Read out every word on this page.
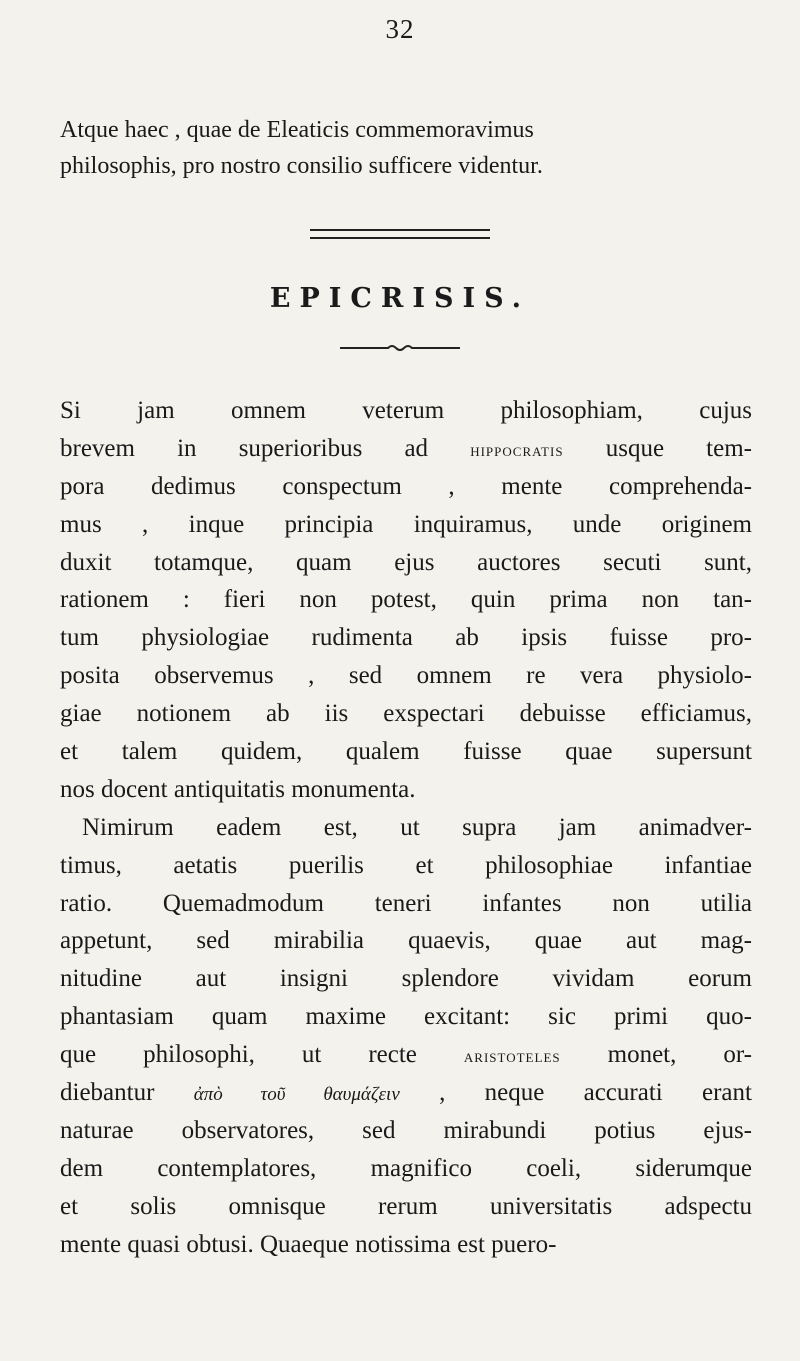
32
Atque haec , quae de Eleaticis commemoravimus
philosophis, pro nostro consilio sufficere videntur.
EPICRISIS.
Si jam omnem veterum philosophiam, cujus
brevem in superioribus ad hippocratis usque tem-
pora dedimus conspectum , mente comprehenda-
mus , inque principia inquiramus, unde originem
duxit totamque, quam ejus auctores secuti sunt,
rationem : fieri non potest, quin prima non tan-
tum physiologiae rudimenta ab ipsis fuisse pro-
posita observemus , sed omnem re vera physiolo-
giae notionem ab iis exspectari debuisse efficiamus,
et talem quidem, qualem fuisse quae supersunt
nos docent antiquitatis monumenta.
Nimirum eadem est, ut supra jam animadver-
timus, aetatis puerilis et philosophiae infantiae
ratio. Quemadmodum teneri infantes non utilia
appetunt, sed mirabilia quaevis, quae aut mag-
nitudine aut insigni splendore vividam eorum
phantasiam quam maxime excitant: sic primi quo-
que philosophi, ut recte aristoteles monet, or-
diebantur ἀπὸ τοῦ θαυμάζειν , neque accurati erant
naturae observatores, sed mirabundi potius ejus-
dem contemplatores, magnifico coeli, siderumque
et solis omnisque rerum universitatis adspectu
mente quasi obtusi. Quaeque notissima est puero-
